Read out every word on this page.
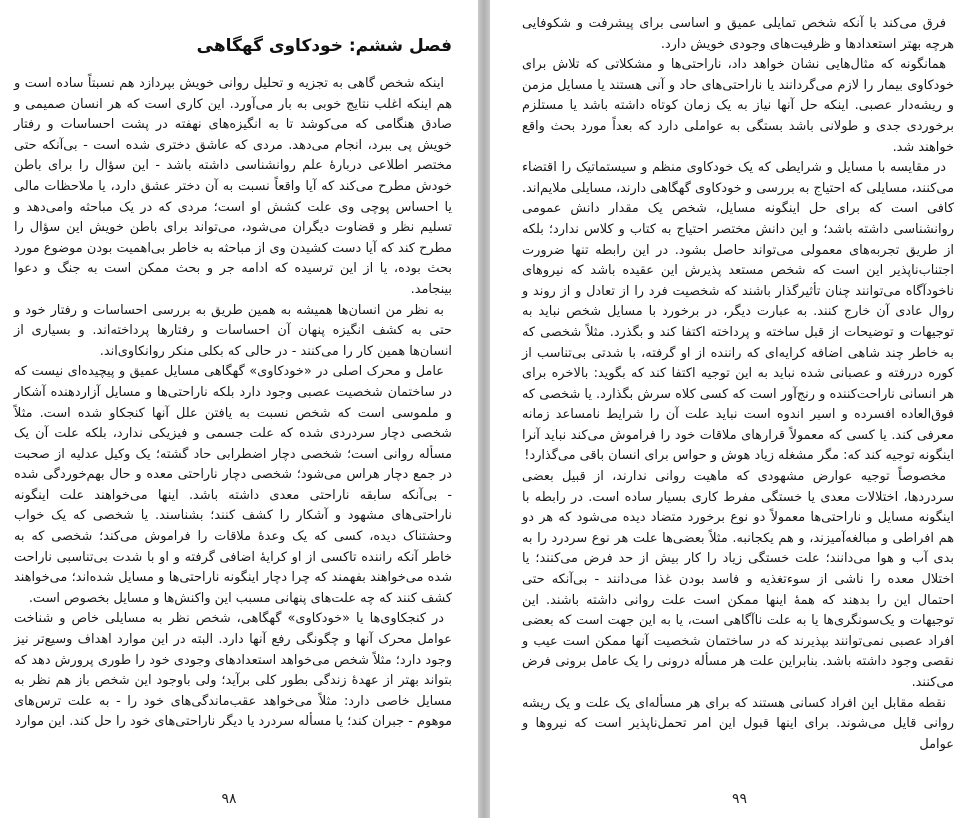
فصل ششم: خودکاوی گهگاهی

اینکه شخص گاهی به تجزیه و تحلیل روانی خویش بپردازد هم نسبتاً ساده است و هم اینکه اغلب نتایج خوبی به بار می‌آورد. این کاری است که هر انسان صمیمی و صادق هنگامی که می‌کوشد تا به انگیزه‌های نهفته در پشت احساسات و رفتار خویش پی ببرد، انجام می‌دهد. مردی که عاشق دختری شده است - بی‌آنکه حتی مختصر اطلاعی دربارهٔ علم روانشناسی داشته باشد - این سؤال را برای باطن خودش مطرح می‌کند که آیا واقعاً نسبت به آن دختر عشق دارد، یا ملاحظات مالی یا احساس پوچی وی علت کشش او است؛ مردی که در یک مباحثه وامی‌دهد و تسلیم نظر و قضاوت دیگران می‌شود، می‌تواند برای باطن خویش این سؤال را مطرح کند که آیا دست کشیدن وی از مباحثه به خاطر بی‌اهمیت بودن موضوع مورد بحث بوده، یا از این ترسیده که ادامه جر و بحث ممکن است به جنگ و دعوا بینجامد.

به نظر من انسان‌ها همیشه به همین طریق به بررسی احساسات و رفتار خود و حتی به کشف انگیزه پنهان آن احساسات و رفتارها پرداخته‌اند. و بسیاری از انسان‌ها همین کار را می‌کنند - در حالی که بکلی منکر روانکاوی‌اند.

عامل و محرک اصلی در «خودکاوی» گهگاهی مسایل عمیق و پیچیده‌ای نیست که در ساختمان شخصیت عصبی وجود دارد بلکه ناراحتی‌ها و مسایل آزاردهنده آشکار و ملموسی است که شخص نسبت به یافتن علل آنها کنجکاو شده است. مثلاً شخصی دچار سردردی شده که علت جسمی و فیزیکی ندارد، بلکه علت آن یک مسأله روانی است؛ شخصی دچار اضطرابی حاد گشته؛ یک وکیل عدلیه از صحبت در جمع دچار هراس می‌شود؛ شخصی دچار ناراحتی معده و حال بهم‌خوردگی شده - بی‌آنکه سابقه ناراحتی معدی داشته باشد. اینها می‌خواهند علت اینگونه ناراحتی‌های مشهود و آشکار را کشف کنند؛ بشناسند. یا شخصی که یک خواب وحشتناک دیده، کسی که یک وعدهٔ ملاقات را فراموش می‌کند؛ شخصی که به خاطر آنکه راننده تاکسی از او کرایهٔ اضافی گرفته و او با شدت بی‌تناسبی ناراحت شده می‌خواهند بفهمند که چرا دچار اینگونه ناراحتی‌ها و مسایل شده‌اند؛ می‌خواهند کشف کنند که چه علت‌های پنهانی مسبب این واکنش‌ها و مسایل بخصوص است.

در کنجکاوی‌ها یا «خودکاوی» گهگاهی، شخص نظر به مسایلی خاص و شناخت عوامل محرک آنها و چگونگی رفع آنها دارد. البته در این موارد اهداف وسیع‌تر نیز وجود دارد؛ مثلاً شخص می‌خواهد استعدادهای وجودی خود را طوری پرورش دهد که بتواند بهتر از عهدهٔ زندگی بطور کلی برآید؛ ولی باوجود این شخص باز هم نظر به مسایل خاصی دارد: مثلاً می‌خواهد عقب‌ماندگی‌های خود را - به علت ترس‌های موهوم - جبران کند؛ یا مسأله سردرد یا دیگر ناراحتی‌های خود را حل کند. این موارد

۹۸

فرق می‌کند با آنکه شخص تمایلی عمیق و اساسی برای پیشرفت و شکوفایی هرچه بهتر استعدادها و ظرفیت‌های وجودی خویش دارد.

همانگونه که مثال‌هایی نشان خواهد داد، ناراحتی‌ها و مشکلاتی که تلاش برای خودکاوی بیمار را لازم می‌گردانند یا ناراحتی‌های حاد و آنی هستند یا مسایل مزمن و ریشه‌دار عصبی. اینکه حل آنها نیاز به یک زمان کوتاه داشته باشد یا مستلزم برخوردی جدی و طولانی باشد بستگی به عواملی دارد که بعداً مورد بحث واقع خواهند شد.

در مقایسه با مسایل و شرایطی که یک خودکاوی منظم و سیستماتیک را اقتضاء می‌کنند، مسایلی که احتیاج به بررسی و خودکاوی گهگاهی دارند، مسایلی ملایم‌اند. کافی است که برای حل اینگونه مسایل، شخص یک مقدار دانش عمومی روانشناسی داشته باشد؛ و این دانش مختصر احتیاج به کتاب و کلاس ندارد؛ بلکه از طریق تجربه‌های معمولی می‌تواند حاصل بشود. در این رابطه تنها ضرورت اجتناب‌ناپذیر این است که شخص مستعد پذیرش این عقیده باشد که نیروهای ناخودآگاه می‌توانند چنان تأثیرگذار باشند که شخصیت فرد را از تعادل و از روند و روال عادی آن خارج کنند. به عبارت دیگر، در برخورد با مسایل شخص نباید به توجیهات و توضیحات از قبل ساخته و پرداخته اکتفا کند و بگذرد. مثلاً شخصی که به خاطر چند شاهی اضافه کرایه‌ای که راننده از او گرفته، با شدتی بی‌تناسب از کوره دررفته و عصبانی شده نباید به این توجیه اکتفا کند که بگوید: بالاخره برای هر انسانی ناراحت‌کننده و رنج‌آور است که کسی کلاه سرش بگذارد. یا شخصی که فوق‌العاده افسرده و اسیر اندوه است نباید علت آن را شرایط نامساعد زمانه معرفی کند. یا کسی که معمولاً قرارهای ملاقات خود را فراموش می‌کند نباید آنرا اینگونه توجیه کند که: مگر مشغله زیاد هوش و حواس برای انسان باقی می‌گذارد!

مخصوصاً توجیه عوارض مشهودی که ماهیت روانی ندارند، از قبیل بعضی سردردها، اختلالات معدی یا خستگی مفرط کاری بسیار ساده است. در رابطه با اینگونه مسایل و ناراحتی‌ها معمولاً دو نوع برخورد متضاد دیده می‌شود که هر دو هم افراطی و مبالغه‌آمیزند، و هم یکجانبه. مثلاً بعضی‌ها علت هر نوع سردرد را به بدی آب و هوا می‌دانند؛ علت خستگی زیاد را کار بیش از حد فرض می‌کنند؛ یا اختلال معده را ناشی از سوءتغذیه و فاسد بودن غذا می‌دانند - بی‌آنکه حتی احتمال این را بدهند که همهٔ اینها ممکن است علت روانی داشته باشند. این توجیهات و یک‌سونگری‌ها یا به علت ناآگاهی است، یا به این جهت است که بعضی افراد عصبی نمی‌توانند بپذیرند که در ساختمان شخصیت آنها ممکن است عیب و نقصی وجود داشته باشد. بنابراین علت هر مسأله درونی را یک عامل برونی فرض می‌کنند.

نقطه مقابل این افراد کسانی هستند که برای هر مسأله‌ای یک علت و یک ریشه روانی قایل می‌شوند. برای اینها قبول این امر تحمل‌ناپذیر است که نیروها و عوامل

۹۹
